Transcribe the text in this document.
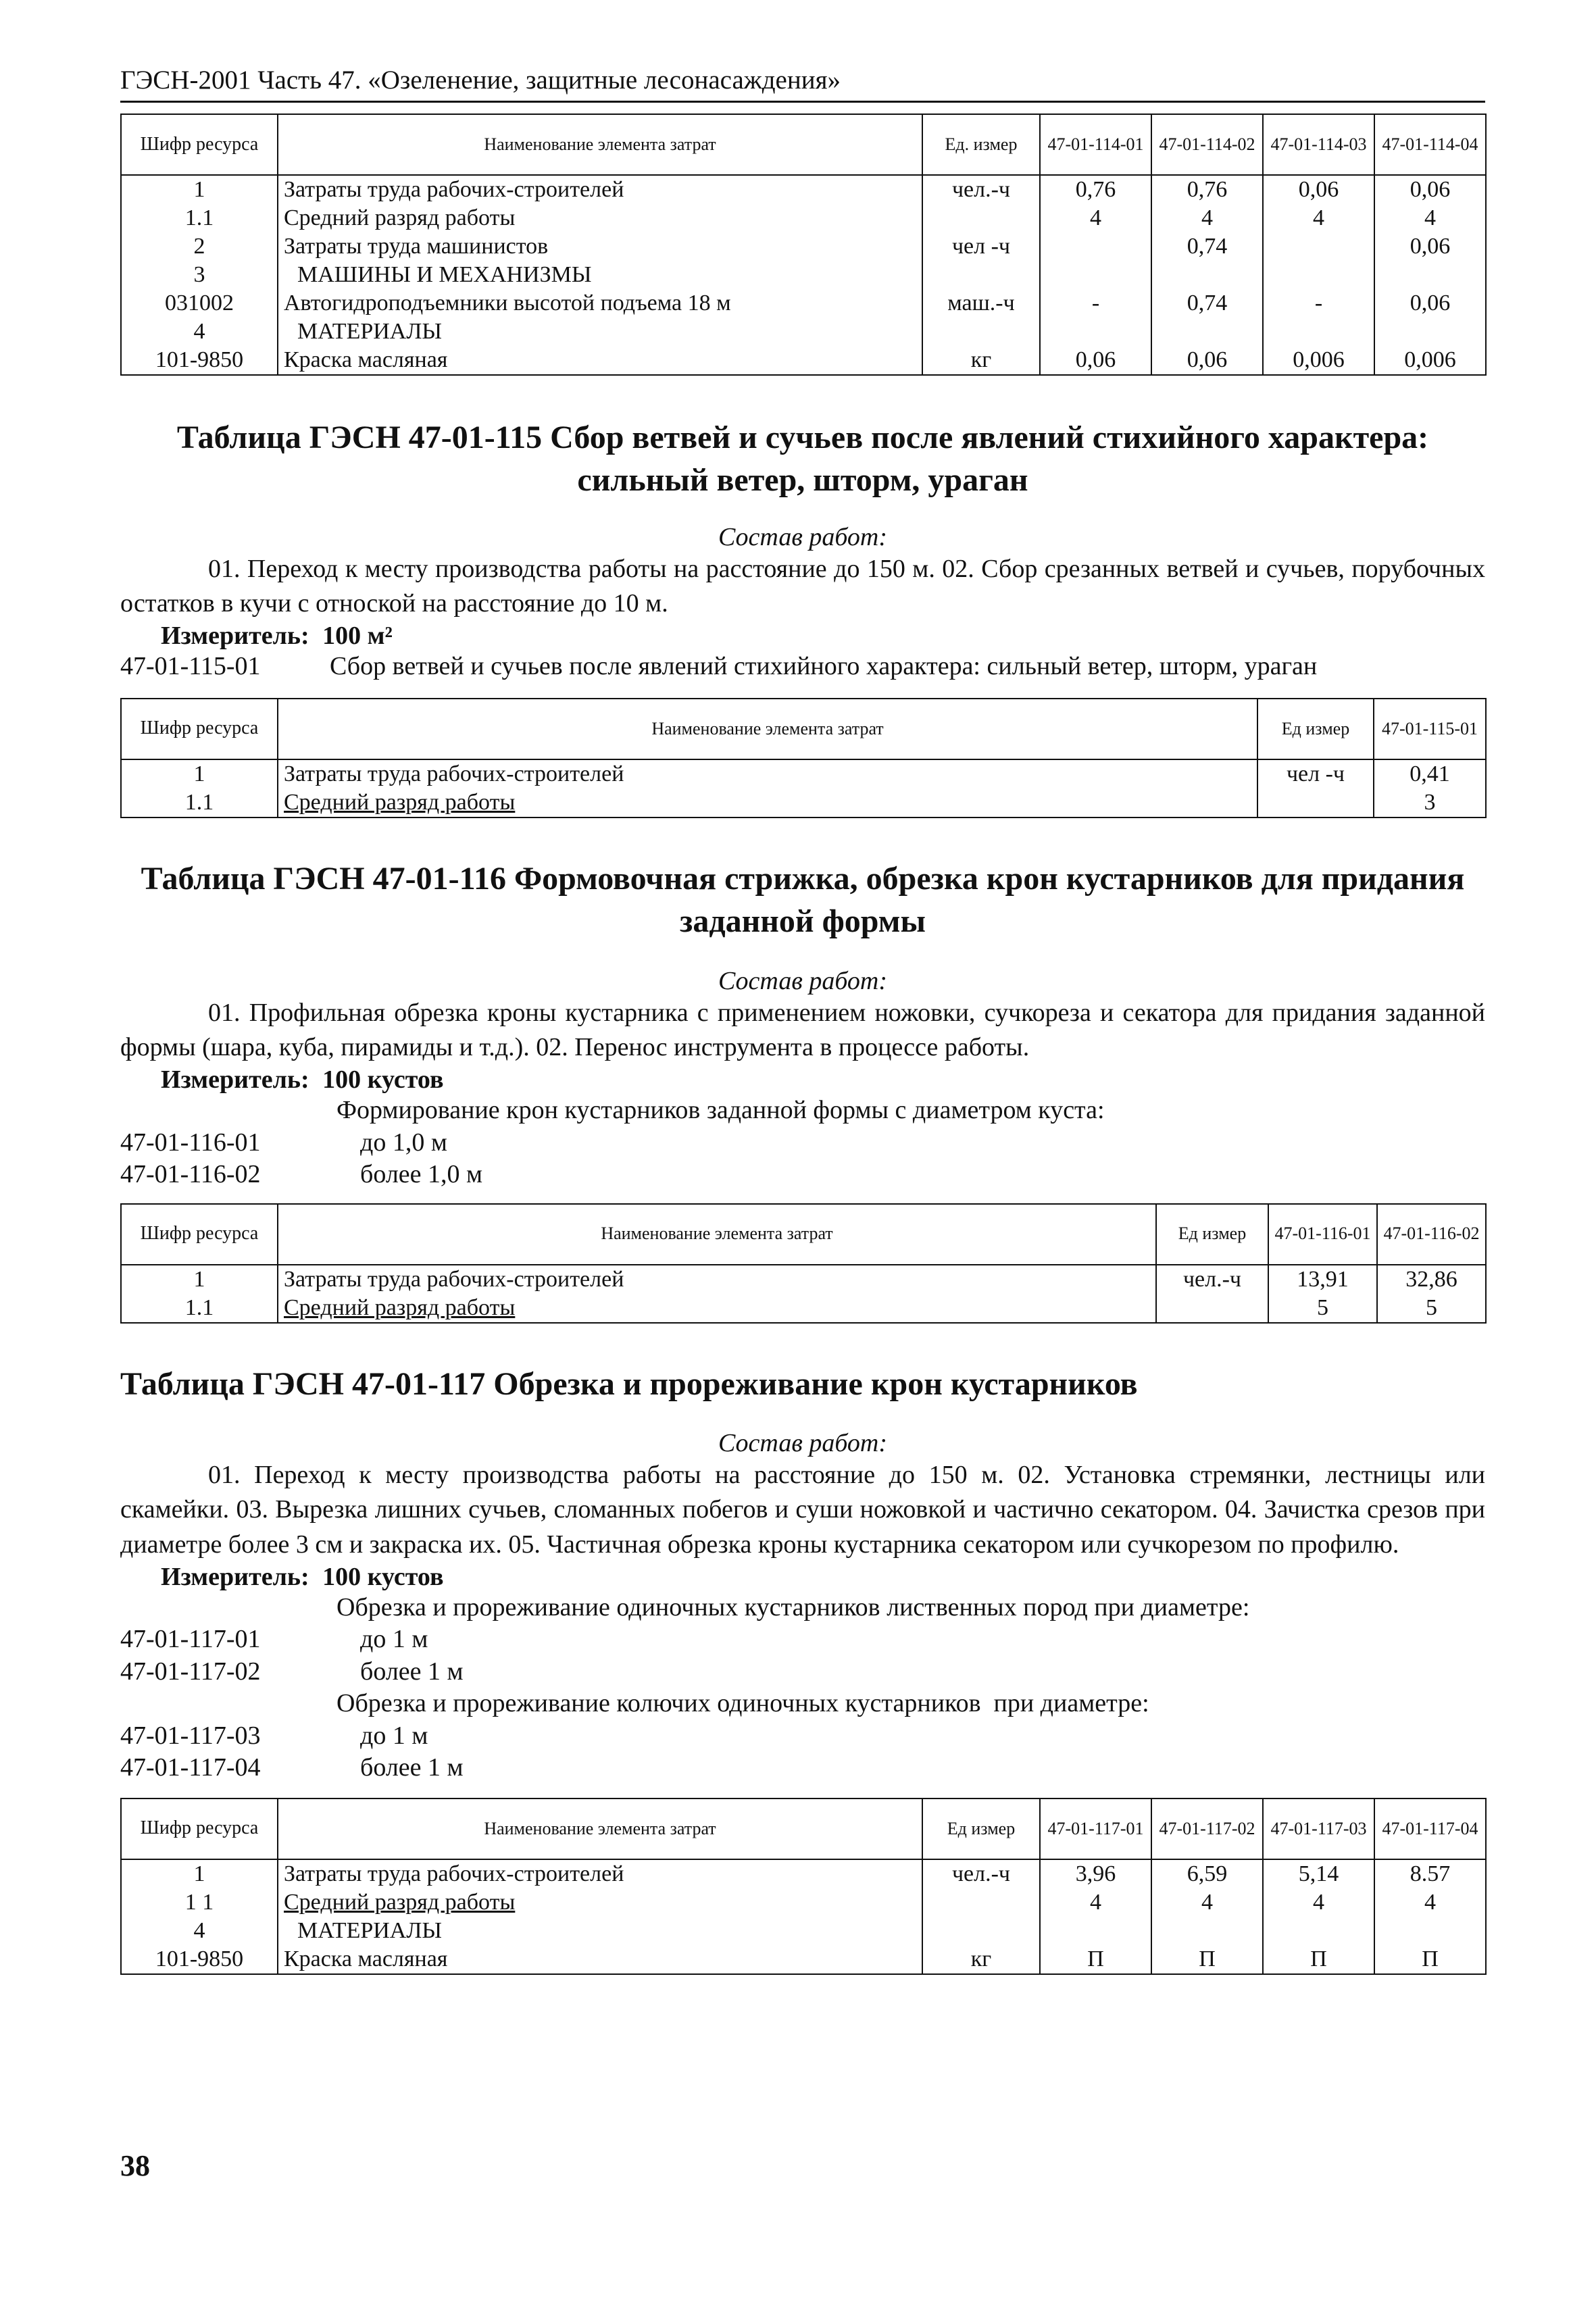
ГЭСН-2001 Часть 47. «Озеленение, защитные лесонасаждения»
Шифр ресурса	Наименование элемента затрат	Ед. измер	47-01-114-01	47-01-114-02	47-01-114-03	47-01-114-04
1	Затраты труда рабочих-строителей	чел.-ч	0,76	0,76	0,06	0,06
1.1	Средний разряд работы		4	4	4	4
2	Затраты труда машинистов	чел -ч		0,74		0,06
3	МАШИНЫ И МЕХАНИЗМЫ					
031002	Автогидроподъемники высотой подъема 18 м	маш.-ч	-	0,74	-	0,06
4	МАТЕРИАЛЫ					
101-9850	Краска масляная	кг	0,06	0,06	0,006	0,006
Таблица ГЭСН 47-01-115 Сбор ветвей и сучьев после явлений стихийного характера:
сильный ветер, шторм, ураган
Состав работ:

01. Переход к месту производства работы на расстояние до 150 м. 02. Сбор срезанных ветвей и сучьев, порубочных остатков в кучи с отноской на расстояние до 10 м.

Измеритель: 100 м²
47-01-115-01	Сбор ветвей и сучьев после явлений стихийного характера: сильный ветер, шторм, ураган
Шифр ресурса	Наименование элемента затрат	Ед измер	47-01-115-01
1	Затраты труда рабочих-строителей	чел -ч	0,41
1.1	Средний разряд работы		3
Таблица ГЭСН 47-01-116 Формовочная стрижка, обрезка крон кустарников для придания
заданной формы
Состав работ:

01. Профильная обрезка кроны кустарника с применением ножовки, сучкореза и секатора для придания заданной формы (шара, куба, пирамиды и т.д.). 02. Перенос инструмента в процессе работы.

Измеритель: 100 кустов
Формирование крон кустарников заданной формы с диаметром куста:
47-01-116-01	до 1,0 м
47-01-116-02	более 1,0 м
Шифр ресурса	Наименование элемента затрат	Ед измер	47-01-116-01	47-01-116-02
1	Затраты труда рабочих-строителей	чел.-ч	13,91	32,86
1.1	Средний разряд работы		5	5
Таблица ГЭСН 47-01-117 Обрезка и прореживание крон кустарников
Состав работ:

01. Переход к месту производства работы на расстояние до 150 м. 02. Установка стремянки, лестницы или скамейки. 03. Вырезка лишних сучьев, сломанных побегов и суши ножовкой и частично секатором. 04. Зачистка срезов при диаметре более 3 см и закраска их. 05. Частичная обрезка кроны кустарника секатором или сучкорезом по профилю.

Измеритель: 100 кустов
Обрезка и прореживание одиночных кустарников лиственных пород при диаметре:
47-01-117-01	до 1 м
47-01-117-02	более 1 м
Обрезка и прореживание колючих одиночных кустарников  при диаметре:
47-01-117-03	до 1 м
47-01-117-04	более 1 м
Шифр ресурса	Наименование элемента затрат	Ед измер	47-01-117-01	47-01-117-02	47-01-117-03	47-01-117-04
1	Затраты труда рабочих-строителей	чел.-ч	3,96	6,59	5,14	8.57
1 1	Средний разряд работы		4	4	4	4
4	МАТЕРИАЛЫ					
101-9850	Краска масляная	кг	П	П	П	П
38
